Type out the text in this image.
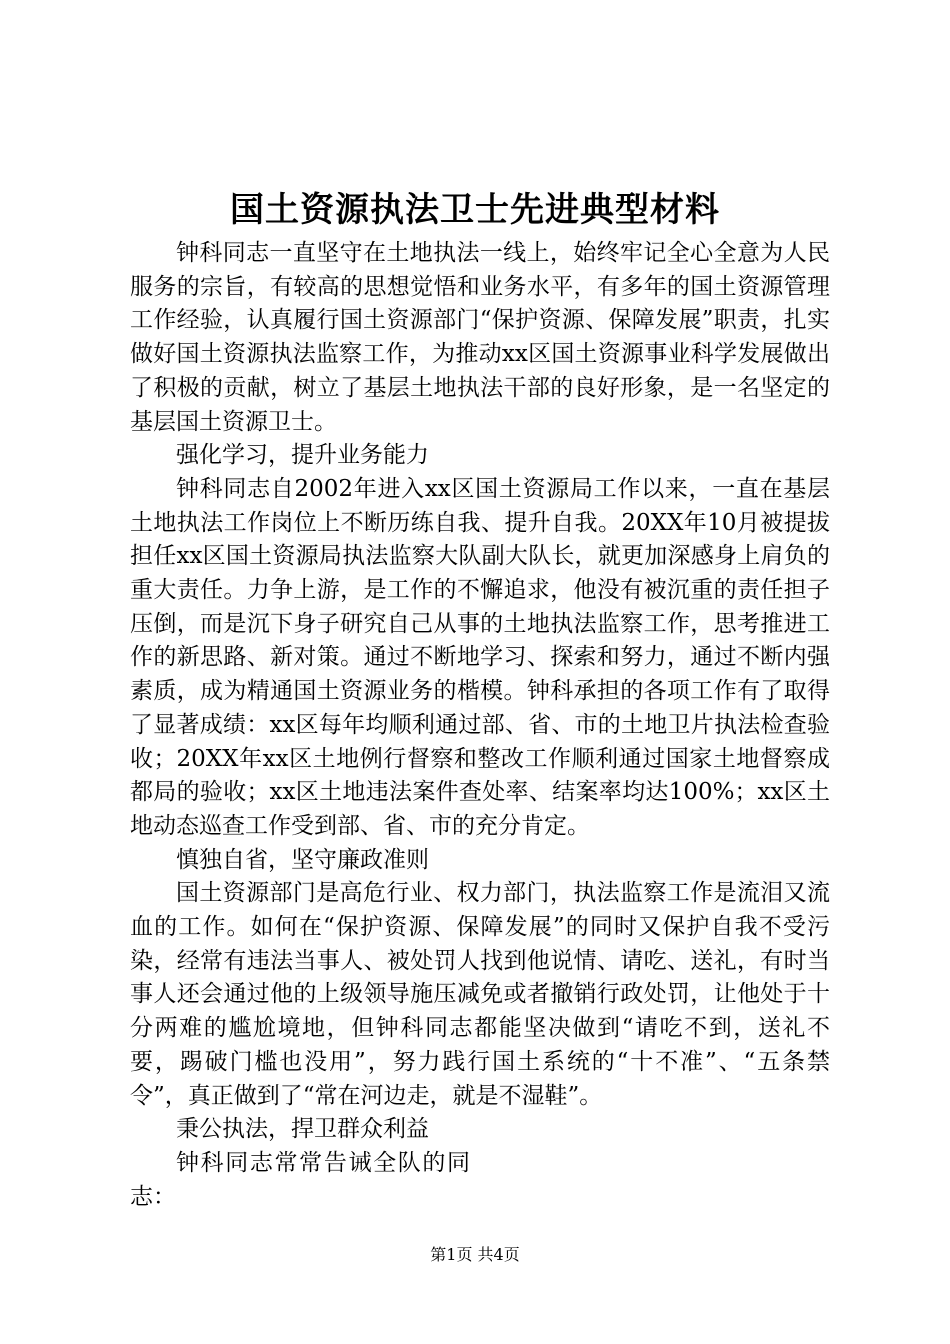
国土资源执法卫士先进典型材料

钟科同志一直坚守在土地执法一线上，始终牢记全心全意为人民服务的宗旨，有较高的思想觉悟和业务水平，有多年的国土资源管理工作经验，认真履行国土资源部门“保护资源、保障发展”职责，扎实做好国土资源执法监察工作，为推动xx区国土资源事业科学发展做出了积极的贡献，树立了基层土地执法干部的良好形象，是一名坚定的基层国土资源卫士。

强化学习，提升业务能力

钟科同志自2002年进入xx区国土资源局工作以来，一直在基层土地执法工作岗位上不断历练自我、提升自我。20XX年10月被提拔担任xx区国土资源局执法监察大队副大队长，就更加深感身上肩负的重大责任。力争上游，是工作的不懈追求，他没有被沉重的责任担子压倒，而是沉下身子研究自己从事的土地执法监察工作，思考推进工作的新思路、新对策。通过不断地学习、探索和努力，通过不断内强素质，成为精通国土资源业务的楷模。钟科承担的各项工作有了取得了显著成绩：xx区每年均顺利通过部、省、市的土地卫片执法检查验收；20XX年xx区土地例行督察和整改工作顺利通过国家土地督察成都局的验收；xx区土地违法案件查处率、结案率均达100%；xx区土地动态巡查工作受到部、省、市的充分肯定。

慎独自省，坚守廉政准则

国土资源部门是高危行业、权力部门，执法监察工作是流泪又流血的工作。如何在“保护资源、保障发展”的同时又保护自我不受污染，经常有违法当事人、被处罚人找到他说情、请吃、送礼，有时当事人还会通过他的上级领导施压减免或者撤销行政处罚，让他处于十分两难的尴尬境地，但钟科同志都能坚决做到“请吃不到，送礼不要，踢破门槛也没用”，努力践行国土系统的“十不准”、“五条禁令”，真正做到了“常在河边走，就是不湿鞋”。

秉公执法，捍卫群众利益

钟科同志常常告诫全队的同志：

第1页 共4页
